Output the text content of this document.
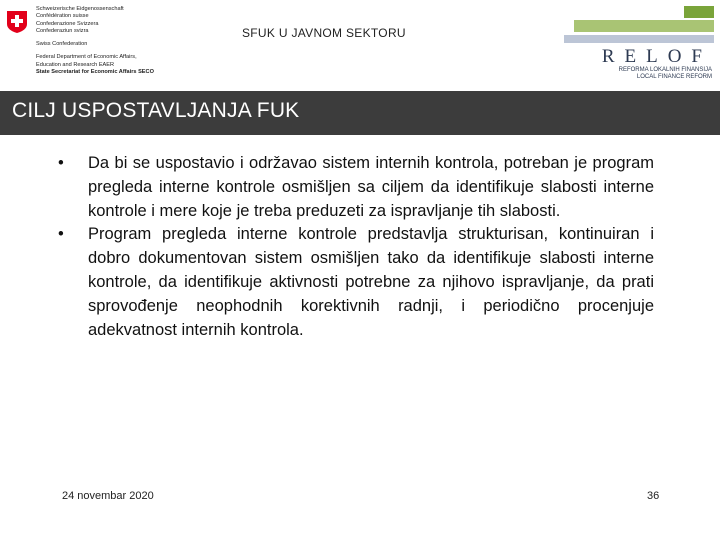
Schweizerische Eidgenossenschaft
Confédération suisse
Confederazione Svizzera
Confederaziun svizra
Swiss Confederation
Federal Department of Economic Affairs,
Education and Research EAER
State Secretariat for Economic Affairs SECO
SFUK U JAVNOM SEKTORU
RELOF
REFORMA LOKALNIH FINANSIJA
LOCAL FINANCE REFORM
CILJ USPOSTAVLJANJA FUK
• Da bi se uspostavio i održavao sistem internih kontrola, potreban je program pregleda interne kontrole osmišljen sa ciljem da identifikuje slabosti interne kontrole i mere koje je treba preduzeti za ispravljanje tih slabosti.
• Program pregleda interne kontrole predstavlja strukturisan, kontinuiran i dobro dokumentovan sistem osmišljen tako da identifikuje slabosti interne kontrole, da identifikuje aktivnosti potrebne za njihovo ispravljanje, da prati sprovođenje neophodnih korektivnih radnji, i periodično procenjuje adekvatnost internih kontrola.
24 novembar 2020	36
